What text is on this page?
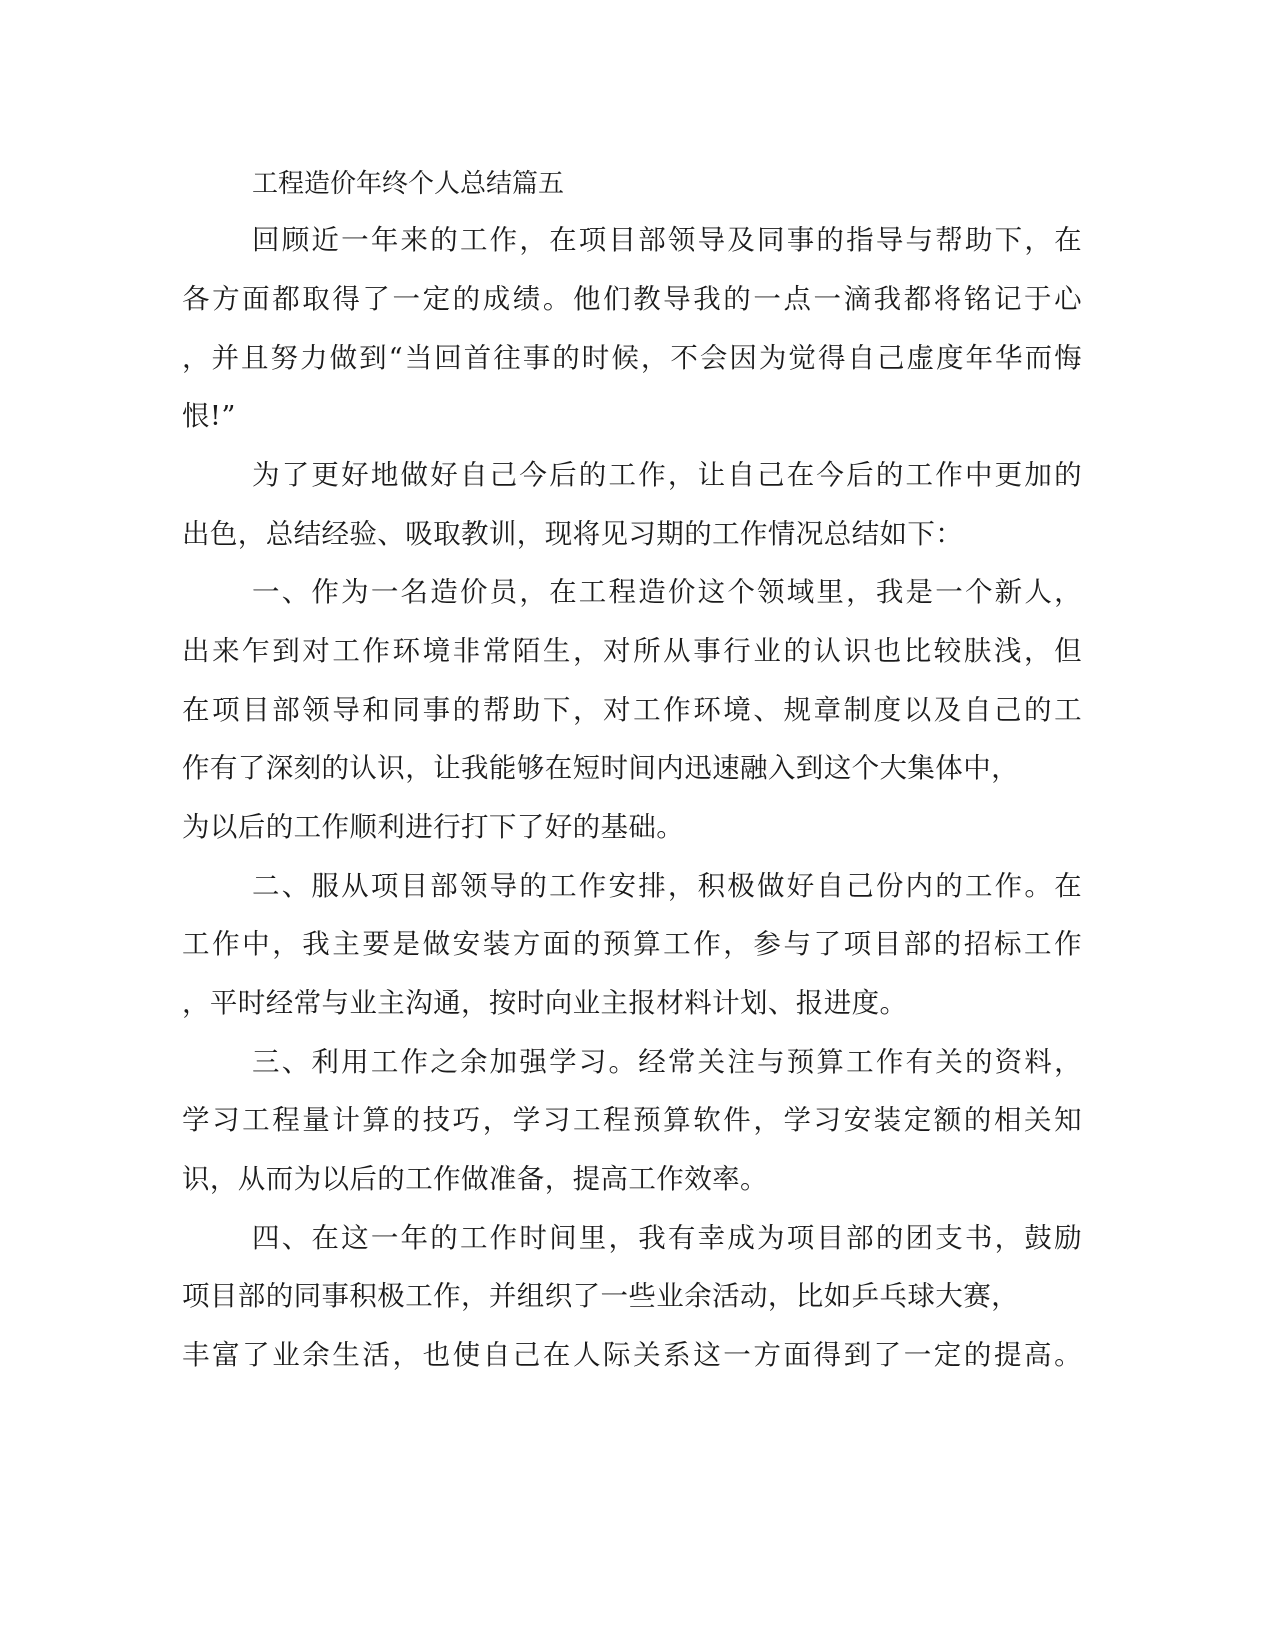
工程造价年终个人总结篇五

回顾近一年来的工作，在项目部领导及同事的指导与帮助下，在

各方面都取得了一定的成绩。他们教导我的一点一滴我都将铭记于心

，并且努力做到“当回首往事的时候，不会因为觉得自己虚度年华而悔

恨!”

为了更好地做好自己今后的工作，让自己在今后的工作中更加的

出色，总结经验、吸取教训，现将见习期的工作情况总结如下：

一、作为一名造价员，在工程造价这个领域里，我是一个新人，

出来乍到对工作环境非常陌生，对所从事行业的认识也比较肤浅，但

在项目部领导和同事的帮助下，对工作环境、规章制度以及自己的工

作有了深刻的认识，让我能够在短时间内迅速融入到这个大集体中，

为以后的工作顺利进行打下了好的基础。

二、服从项目部领导的工作安排，积极做好自己份内的工作。在

工作中，我主要是做安装方面的预算工作，参与了项目部的招标工作

，平时经常与业主沟通，按时向业主报材料计划、报进度。

三、利用工作之余加强学习。经常关注与预算工作有关的资料，

学习工程量计算的技巧，学习工程预算软件，学习安装定额的相关知

识，从而为以后的工作做准备，提高工作效率。

四、在这一年的工作时间里，我有幸成为项目部的团支书，鼓励

项目部的同事积极工作，并组织了一些业余活动，比如乒乓球大赛，

丰富了业余生活，也使自己在人际关系这一方面得到了一定的提高。
